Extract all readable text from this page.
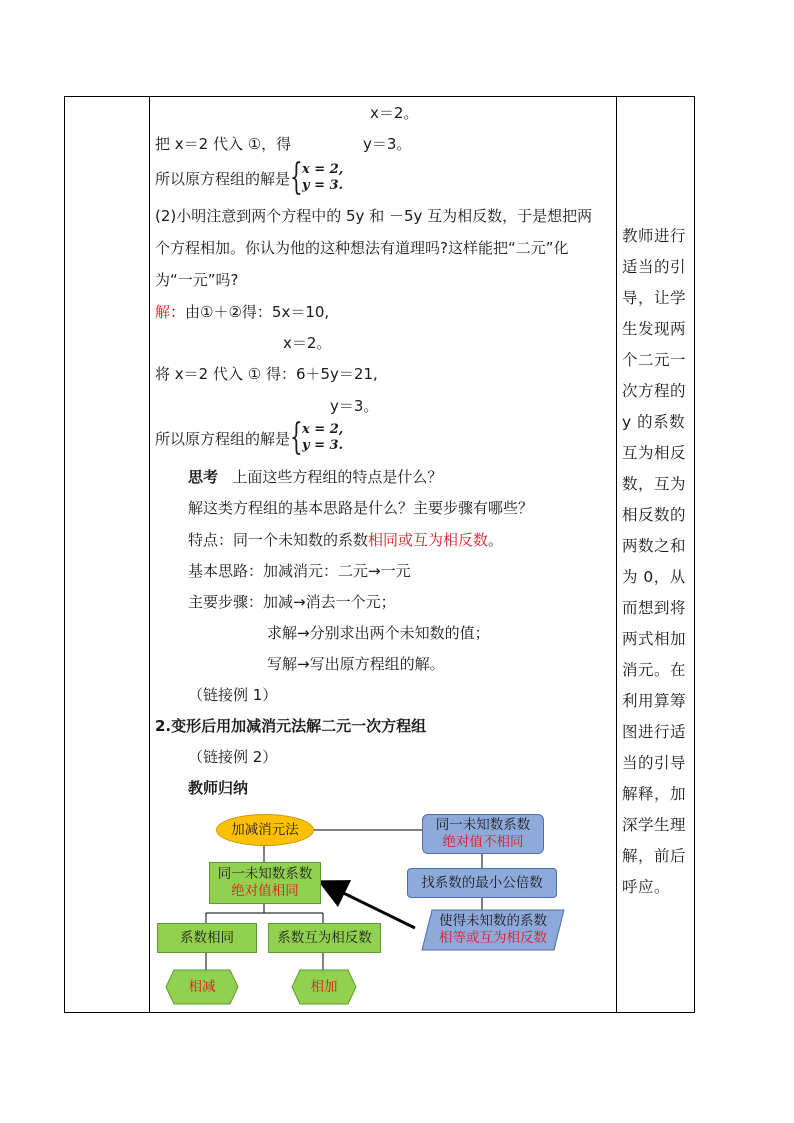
x＝2。
把 x＝2 代入 ①，得	y＝3。
所以原方程组的解是 { x = 2,
y = 3.
(2)小明注意到两个方程中的 5y 和 －5y 互为相反数，于是想把两
个方程相加。你认为他的这种想法有道理吗?这样能把“二元”化
为“一元”吗?
解：由①＋②得：5x＝10,
x＝2。
将 x＝2 代入 ① 得：6＋5y＝21,
y＝3。
所以原方程组的解是 { x = 2,
y = 3.
思考 上面这些方程组的特点是什么？
解这类方程组的基本思路是什么？主要步骤有哪些？
特点：同一个未知数的系数相同或互为相反数。
基本思路：加减消元：二元→一元
主要步骤：加减→消去一个元；
求解→分别求出两个未知数的值；
写解→写出原方程组的解。
（链接例 1）
2.变形后用加减消元法解二元一次方程组
（链接例 2）
教师归纳
加减消元法
同一未知数系数
绝对值相同
系数相同	系数互为相反数
相减	相加
同一未知数系数
绝对值不相同
找系数的最小公倍数
使得未知数的系数
相等或互为相反数
教师进行
适当的引
导，让学
生发现两
个二元一
次方程的
y 的系数
互为相反
数，互为
相反数的
两数之和
为 0，从
而想到将
两式相加
消元。在
利用算筹
图进行适
当的引导
解释，加
深学生理
解，前后
呼应。
